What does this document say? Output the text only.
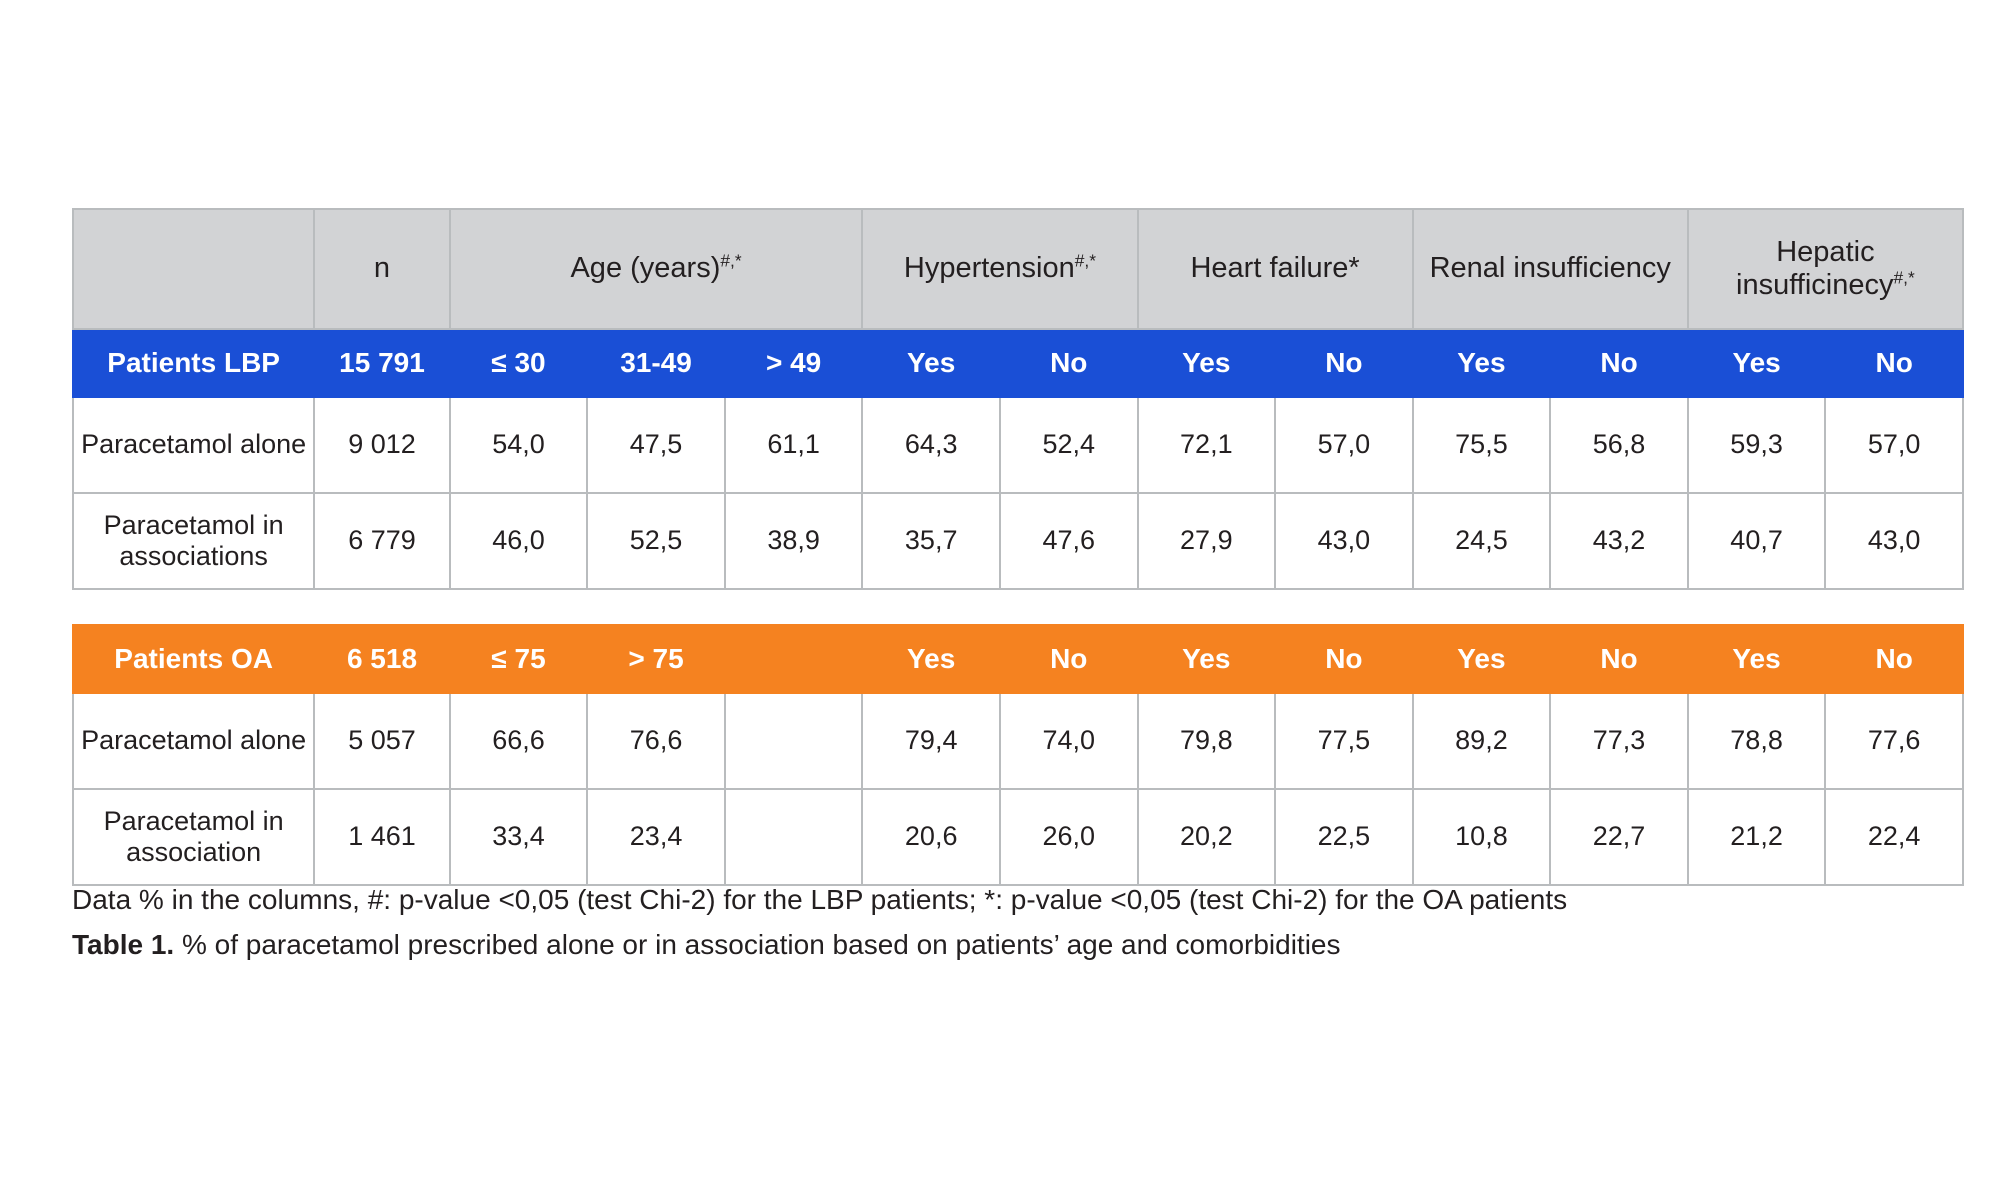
	n	Age (years)#,*			Hypertension#,*		Heart failure*		Renal insufficiency		Hepatic insufficinecy#,*
Patients LBP	15 791	≤ 30	31-49	> 49	Yes	No	Yes	No	Yes	No	Yes	No
Paracetamol alone	9 012	54,0	47,5	61,1	64,3	52,4	72,1	57,0	75,5	56,8	59,3	57,0
Paracetamol in associations	6 779	46,0	52,5	38,9	35,7	47,6	27,9	43,0	24,5	43,2	40,7	43,0
Patients OA	6 518	≤ 75	> 75		Yes	No	Yes	No	Yes	No	Yes	No
Paracetamol alone	5 057	66,6	76,6		79,4	74,0	79,8	77,5	89,2	77,3	78,8	77,6
Paracetamol in association	1 461	33,4	23,4		20,6	26,0	20,2	22,5	10,8	22,7	21,2	22,4
Data % in the columns, #: p-value <0,05 (test Chi-2) for the LBP patients; *: p-value <0,05 (test Chi-2) for the OA patients
Table 1. % of paracetamol prescribed alone or in association based on patients’ age and comorbidities
